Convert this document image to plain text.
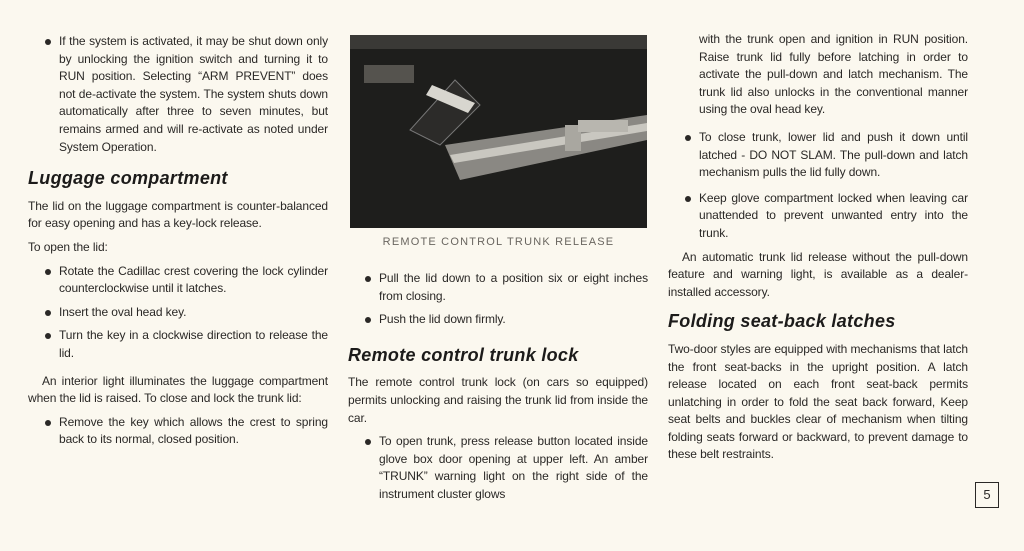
If the system is activated, it may be shut down only by unlocking the ignition switch and turning it to RUN position. Selecting “ARM PREVENT” does not de-activate the system. The system shuts down automatically after three to seven minutes, but remains armed and will re-activate as noted under System Operation.
Luggage compartment

The lid on the luggage compartment is counter-balanced for easy opening and has a key-lock release.

To open the lid:

Rotate the Cadillac crest covering the lock cylinder counterclockwise until it latches.
Insert the oval head key.
Turn the key in a clockwise direction to release the lid.

An interior light illuminates the luggage compartment when the lid is raised. To close and lock the trunk lid:

Remove the key which allows the crest to spring back to its normal, closed position.
REMOTE CONTROL TRUNK RELEASE
Pull the lid down to a position six or eight inches from closing.
Push the lid down firmly.
Remote control trunk lock

The remote control trunk lock (on cars so equipped) permits unlocking and raising the trunk lid from inside the car.

To open trunk, press release button located inside glove box door opening at upper left. An amber “TRUNK” warning light on the right side of the instrument cluster glows

with the trunk open and ignition in RUN position. Raise trunk lid fully before latching in order to activate the pull-down and latch mechanism. The trunk lid also unlocks in the conventional manner using the oval head key.

To close trunk, lower lid and push it down until latched - DO NOT SLAM. The pull-down and latch mechanism pulls the lid fully down.
Keep glove compartment locked when leaving car unattended to prevent unwanted entry into the trunk.

An automatic trunk lid release without the pull-down feature and warning light, is available as a dealer-installed accessory.

Folding seat-back latches

Two-door styles are equipped with mechanisms that latch the front seat-backs in the upright position. A latch release located on each front seat-back permits unlatching in order to fold the seat back forward, Keep seat belts and buckles clear of mechanism when tilting folding seats forward or backward, to prevent damage to these belt restraints.

5
